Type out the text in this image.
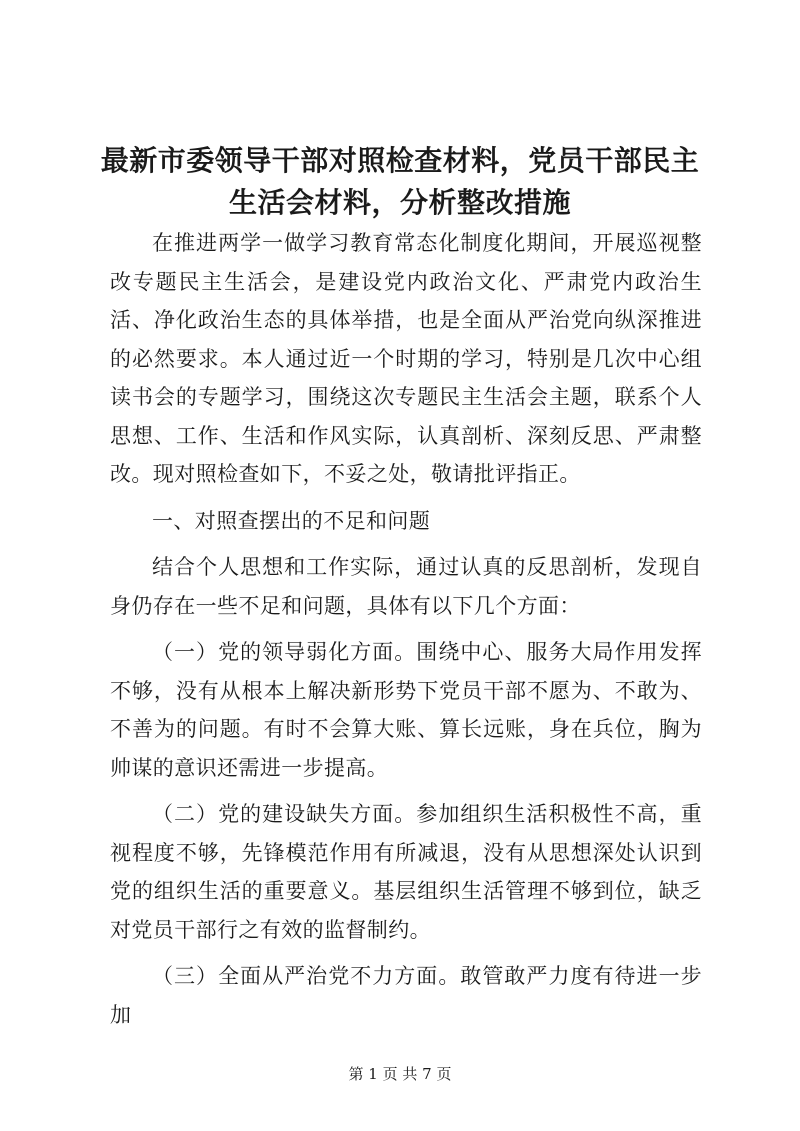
最新市委领导干部对照检查材料，党员干部民主生活会材料，分析整改措施

在推进两学一做学习教育常态化制度化期间，开展巡视整改专题民主生活会，是建设党内政治文化、严肃党内政治生活、净化政治生态的具体举措，也是全面从严治党向纵深推进的必然要求。本人通过近一个时期的学习，特别是几次中心组读书会的专题学习，围绕这次专题民主生活会主题，联系个人思想、工作、生活和作风实际，认真剖析、深刻反思、严肃整改。现对照检查如下，不妥之处，敬请批评指正。

一、对照查摆出的不足和问题

结合个人思想和工作实际，通过认真的反思剖析，发现自身仍存在一些不足和问题，具体有以下几个方面：

（一）党的领导弱化方面。围绕中心、服务大局作用发挥不够，没有从根本上解决新形势下党员干部不愿为、不敢为、不善为的问题。有时不会算大账、算长远账，身在兵位，胸为帅谋的意识还需进一步提高。

（二）党的建设缺失方面。参加组织生活积极性不高，重视程度不够，先锋模范作用有所减退，没有从思想深处认识到党的组织生活的重要意义。基层组织生活管理不够到位，缺乏对党员干部行之有效的监督制约。

（三）全面从严治党不力方面。敢管敢严力度有待进一步加

第 1 页 共 7 页
